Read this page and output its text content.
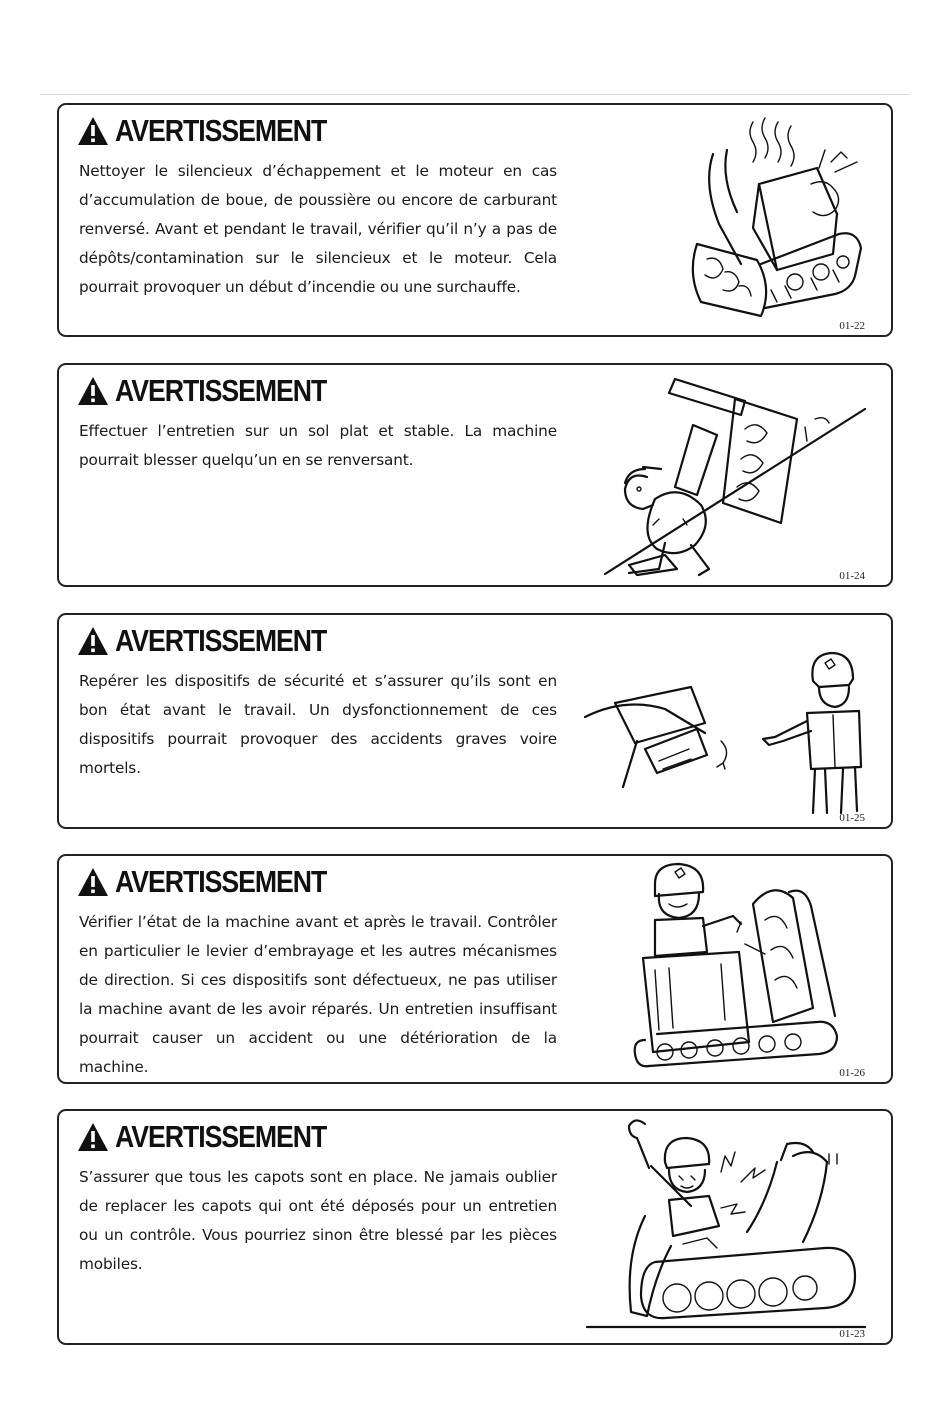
AVERTISSEMENT
Nettoyer le silencieux d’échappement et le moteur en cas d’accumulation de boue, de poussière ou encore de carburant renversé. Avant et pendant le travail, vérifier qu’il n’y a pas de dépôts/contamination sur le silencieux et le moteur. Cela pourrait provoquer un début d’incendie ou une surchauffe.
01-22
AVERTISSEMENT
Effectuer l’entretien sur un sol plat et stable. La machine pourrait blesser quelqu’un en se renversant.
01-24
AVERTISSEMENT
Repérer les dispositifs de sécurité et s’assurer qu’ils sont en bon état avant le travail. Un dysfonctionnement de ces dispositifs pourrait provoquer des accidents graves voire mortels.
01-25
AVERTISSEMENT
Vérifier l’état de la machine avant et après le travail. Contrôler en particulier le levier d’embrayage et les autres mécanismes de direction. Si ces dispositifs sont défectueux, ne pas utiliser la machine avant de les avoir réparés. Un entretien insuffisant pourrait causer un accident ou une détérioration de la machine.	01-26
AVERTISSEMENT
S’assurer que tous les capots sont en place. Ne jamais oublier de replacer les capots qui ont été déposés pour un entretien ou un contrôle. Vous pourriez sinon être blessé par les pièces mobiles.
01-23
